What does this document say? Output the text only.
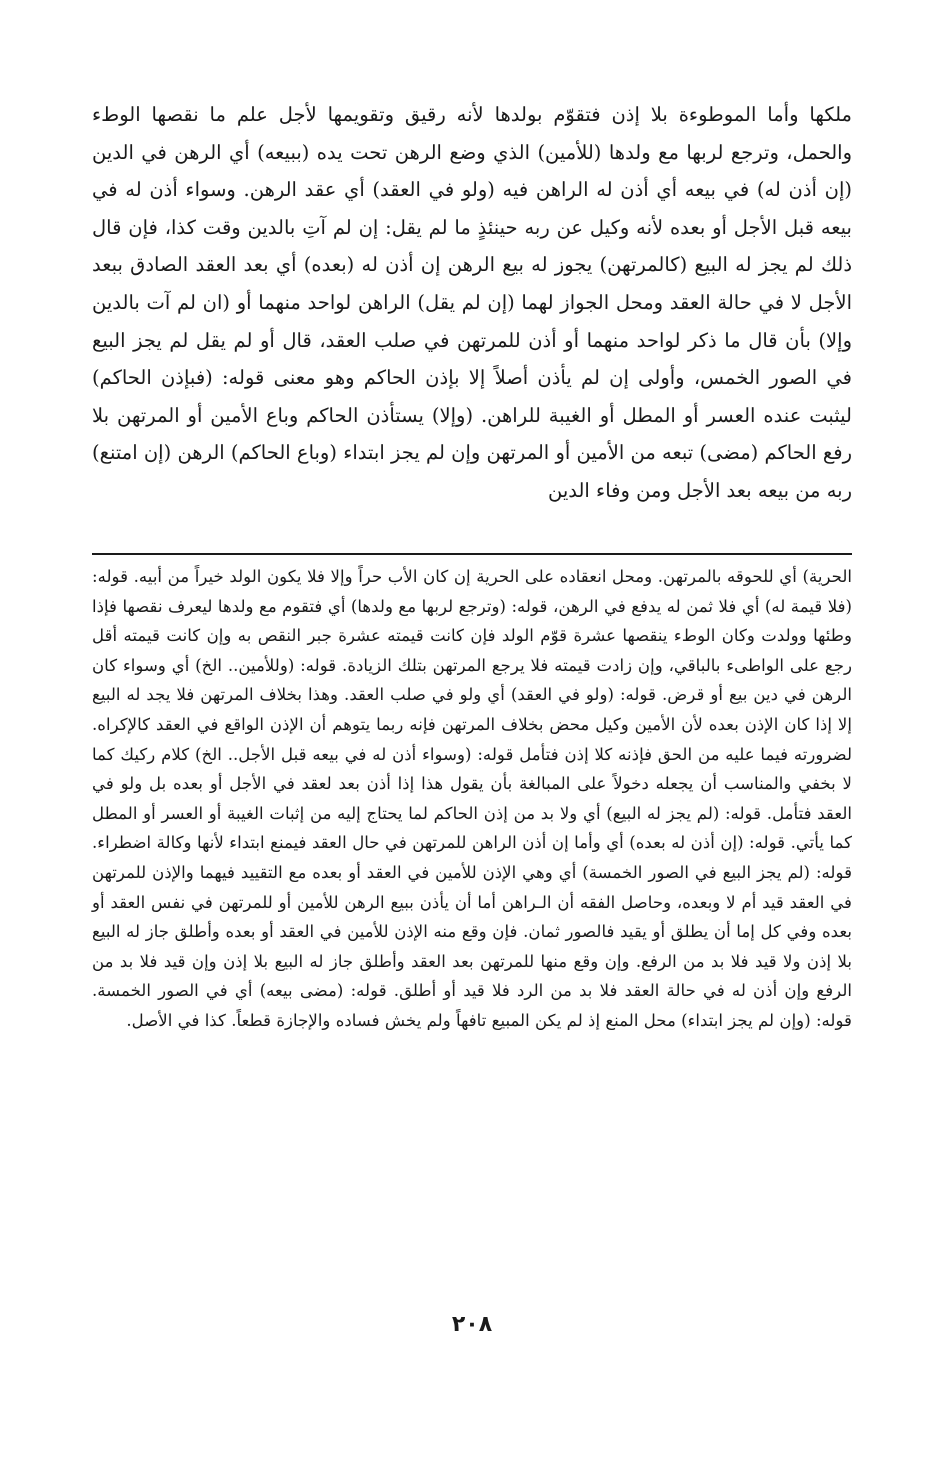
ملكها وأما الموطوءة بلا إذن فتقوّم بولدها لأنه رقيق وتقويمها لأجل علم ما نقصها الوطء والحمل، وترجع لربها مع ولدها (للأمين) الذي وضع الرهن تحت يده (ببيعه) أي الرهن في الدين (إن أذن له) في بيعه أي أذن له الراهن فيه (ولو في العقد) أي عقد الرهن. وسواء أذن له في بيعه قبل الأجل أو بعده لأنه وكيل عن ربه حينئذٍ ما لم يقل: إن لم آتِ بالدين وقت كذا، فإن قال ذلك لم يجز له البيع (كالمرتهن) يجوز له بيع الرهن إن أذن له (بعده) أي بعد العقد الصادق ببعد الأجل لا في حالة العقد ومحل الجواز لهما (إن لم يقل) الراهن لواحد منهما أو (ان لم آت بالدين وإلا) بأن قال ما ذكر لواحد منهما أو أذن للمرتهن في صلب العقد، قال أو لم يقل لم يجز البيع في الصور الخمس، وأولى إن لم يأذن أصلاً إلا بإذن الحاكم وهو معنى قوله: (فبإذن الحاكم) ليثبت عنده العسر أو المطل أو الغيبة للراهن. (وإلا) يستأذن الحاكم وباع الأمين أو المرتهن بلا رفع الحاكم (مضى) تبعه من الأمين أو المرتهن وإن لم يجز ابتداء (وباع الحاكم) الرهن (إن امتنع) ربه من بيعه بعد الأجل ومن وفاء الدين

الحرية) أي للحوقه بالمرتهن. ومحل انعقاده على الحرية إن كان الأب حراً وإلا فلا يكون الولد خيراً من أبيه. قوله: (فلا قيمة له) أي فلا ثمن له يدفع في الرهن، قوله: (وترجع لربها مع ولدها) أي فتقوم مع ولدها ليعرف نقصها فإذا وطئها وولدت وكان الوطء ينقصها عشرة قوّم الولد فإن كانت قيمته عشرة جبر النقص به وإن كانت قيمته أقل رجع على الواطىء بالباقي، وإن زادت قيمته فلا يرجع المرتهن بتلك الزيادة. قوله: (وللأمين.. الخ) أي وسواء كان الرهن في دين بيع أو قرض. قوله: (ولو في العقد) أي ولو في صلب العقد. وهذا بخلاف المرتهن فلا يجد له البيع إلا إذا كان الإذن بعده لأن الأمين وكيل محض بخلاف المرتهن فإنه ربما يتوهم أن الإذن الواقع في العقد كالإكراه. لضرورته فيما عليه من الحق فإذنه كلا إذن فتأمل قوله: (وسواء أذن له في بيعه قبل الأجل.. الخ) كلام ركيك كما لا بخفي والمناسب أن يجعله دخولاً على المبالغة بأن يقول هذا إذا أذن بعد لعقد في الأجل أو بعده بل ولو في العقد فتأمل. قوله: (لم يجز له البيع) أي ولا بد من إذن الحاكم لما يحتاج إليه من إثبات الغيبة أو العسر أو المطل كما يأتي. قوله: (إن أذن له بعده) أي وأما إن أذن الراهن للمرتهن في حال العقد فيمنع ابتداء لأنها وكالة اضطراء. قوله: (لم يجز البيع في الصور الخمسة) أي وهي الإذن للأمين في العقد أو بعده مع التقييد فيهما والإذن للمرتهن في العقد قيد أم لا وبعده، وحاصل الفقه أن الـراهن أما أن يأذن ببيع الرهن للأمين أو للمرتهن في نفس العقد أو بعده وفي كل إما أن يطلق أو يقيد فالصور ثمان. فإن وقع منه الإذن للأمين في العقد أو بعده وأطلق جاز له البيع بلا إذن ولا قيد فلا بد من الرفع. وإن وقع منها للمرتهن بعد العقد وأطلق جاز له البيع بلا إذن وإن قيد فلا بد من الرفع وإن أذن له في حالة العقد فلا بد من الرد فلا قيد أو أطلق. قوله: (مضى بيعه) أي في الصور الخمسة. قوله: (وإن لم يجز ابتداء) محل المنع إذ لم يكن المبيع تافهاً ولم يخش فساده والإجازة قطعاً. كذا في الأصل.

٢٠٨
